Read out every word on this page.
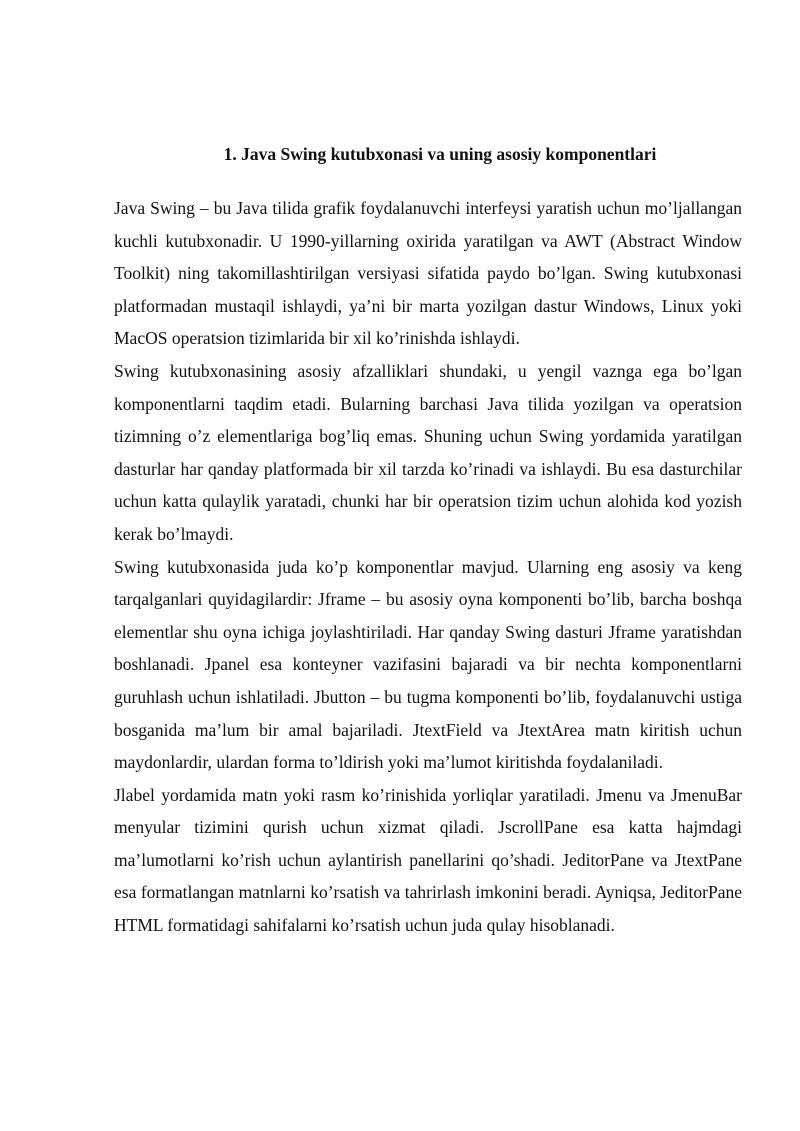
1. Java Swing kutubxonasi va uning asosiy komponentlari

Java Swing – bu Java tilida grafik foydalanuvchi interfeysi yaratish uchun mo’ljallangan kuchli kutubxonadir. U 1990-yillarning oxirida yaratilgan va AWT (Abstract Window Toolkit) ning takomillashtirilgan versiyasi sifatida paydo bo’lgan. Swing kutubxonasi platformadan mustaqil ishlaydi, ya’ni bir marta yozilgan dastur Windows, Linux yoki MacOS operatsion tizimlarida bir xil ko’rinishda ishlaydi.

Swing kutubxonasining asosiy afzalliklari shundaki, u yengil vaznga ega bo’lgan komponentlarni taqdim etadi. Bularning barchasi Java tilida yozilgan va operatsion tizimning o’z elementlariga bog’liq emas. Shuning uchun Swing yordamida yaratilgan dasturlar har qanday platformada bir xil tarzda ko’rinadi va ishlaydi. Bu esa dasturchilar uchun katta qulaylik yaratadi, chunki har bir operatsion tizim uchun alohida kod yozish kerak bo’lmaydi.

Swing kutubxonasida juda ko’p komponentlar mavjud. Ularning eng asosiy va keng tarqalganlari quyidagilardir: Jframe – bu asosiy oyna komponenti bo’lib, barcha boshqa elementlar shu oyna ichiga joylashtiriladi. Har qanday Swing dasturi Jframe yaratishdan boshlanadi. Jpanel esa konteyner vazifasini bajaradi va bir nechta komponentlarni guruhlash uchun ishlatiladi. Jbutton – bu tugma komponenti bo’lib, foydalanuvchi ustiga bosganida ma’lum bir amal bajariladi. JtextField va JtextArea matn kiritish uchun maydonlardir, ulardan forma to’ldirish yoki ma’lumot kiritishda foydalaniladi.

Jlabel yordamida matn yoki rasm ko’rinishida yorliqlar yaratiladi. Jmenu va JmenuBar menyular tizimini qurish uchun xizmat qiladi. JscrollPane esa katta hajmdagi ma’lumotlarni ko’rish uchun aylantirish panellarini qo’shadi. JeditorPane va JtextPane esa formatlangan matnlarni ko’rsatish va tahrirlash imkonini beradi. Ayniqsa, JeditorPane HTML formatidagi sahifalarni ko’rsatish uchun juda qulay hisoblanadi.
